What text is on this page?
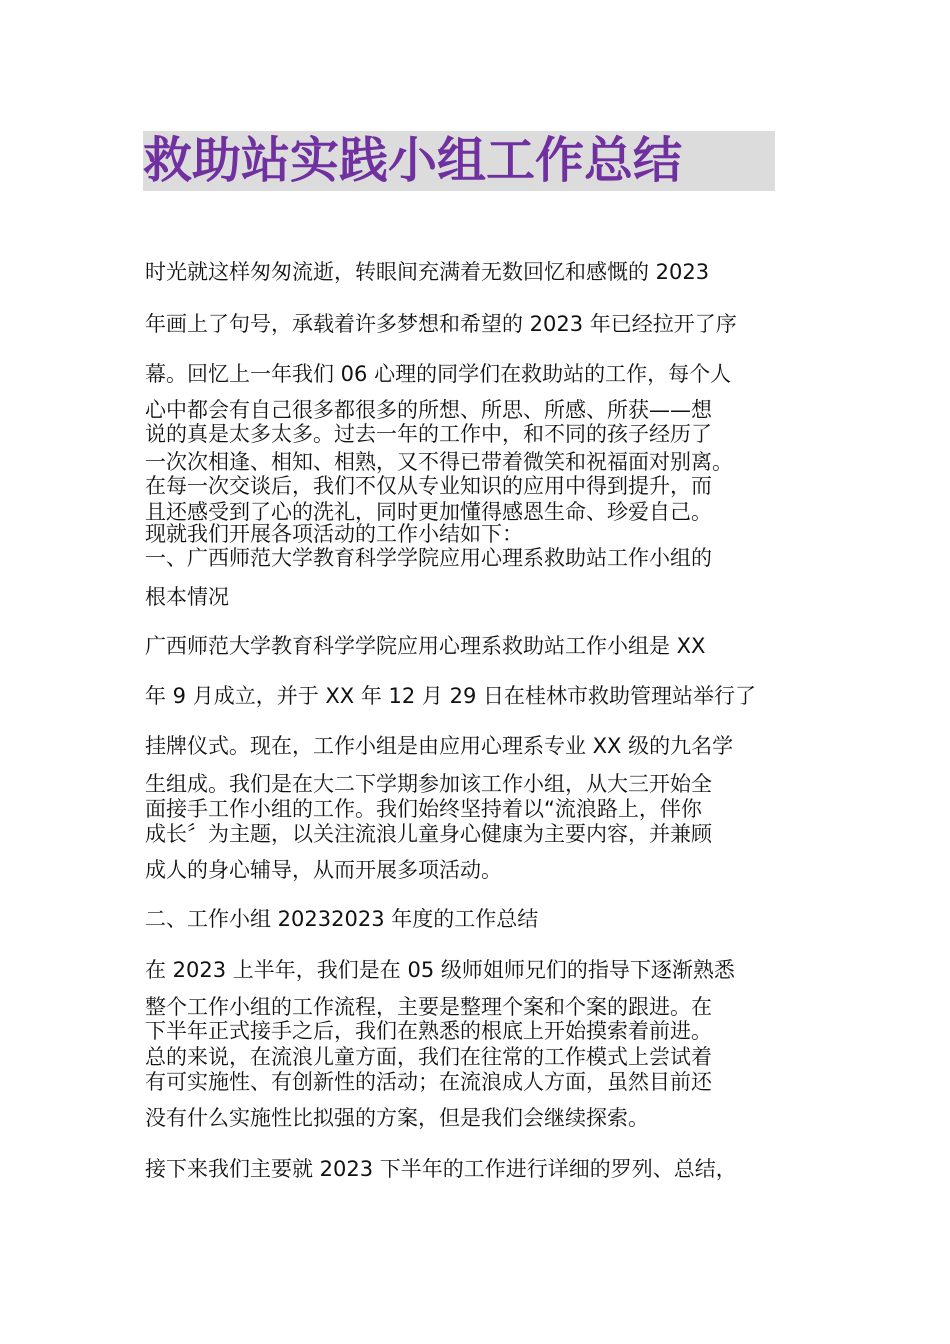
救助站实践小组工作总结
时光就这样匆匆流逝，转眼间充满着无数回忆和感慨的 2023
年画上了句号，承载着许多梦想和希望的 2023 年已经拉开了序
幕。回忆上一年我们 06 心理的同学们在救助站的工作，每个人
心中都会有自己很多都很多的所想、所思、所感、所获——想
说的真是太多太多。过去一年的工作中，和不同的孩子经历了
一次次相逢、相知、相熟，又不得已带着微笑和祝福面对别离。
在每一次交谈后，我们不仅从专业知识的应用中得到提升，而
且还感受到了心的洗礼，同时更加懂得感恩生命、珍爱自己。
现就我们开展各项活动的工作小结如下：
一、广西师范大学教育科学学院应用心理系救助站工作小组的
根本情况
广西师范大学教育科学学院应用心理系救助站工作小组是 XX
年 9 月成立，并于 XX 年 12 月 29 日在桂林市救助管理站举行了
挂牌仪式。现在，工作小组是由应用心理系专业 XX 级的九名学
生组成。我们是在大二下学期参加该工作小组，从大三开始全
面接手工作小组的工作。我们始终坚持着以“流浪路上，伴你
成长〞为主题，以关注流浪儿童身心健康为主要内容，并兼顾
成人的身心辅导，从而开展多项活动。
二、工作小组 20232023 年度的工作总结
在 2023 上半年，我们是在 05 级师姐师兄们的指导下逐渐熟悉
整个工作小组的工作流程，主要是整理个案和个案的跟进。在
下半年正式接手之后，我们在熟悉的根底上开始摸索着前进。
总的来说，在流浪儿童方面，我们在往常的工作模式上尝试着
有可实施性、有创新性的活动；在流浪成人方面，虽然目前还
没有什么实施性比拟强的方案，但是我们会继续探索。
接下来我们主要就 2023 下半年的工作进行详细的罗列、总结，
